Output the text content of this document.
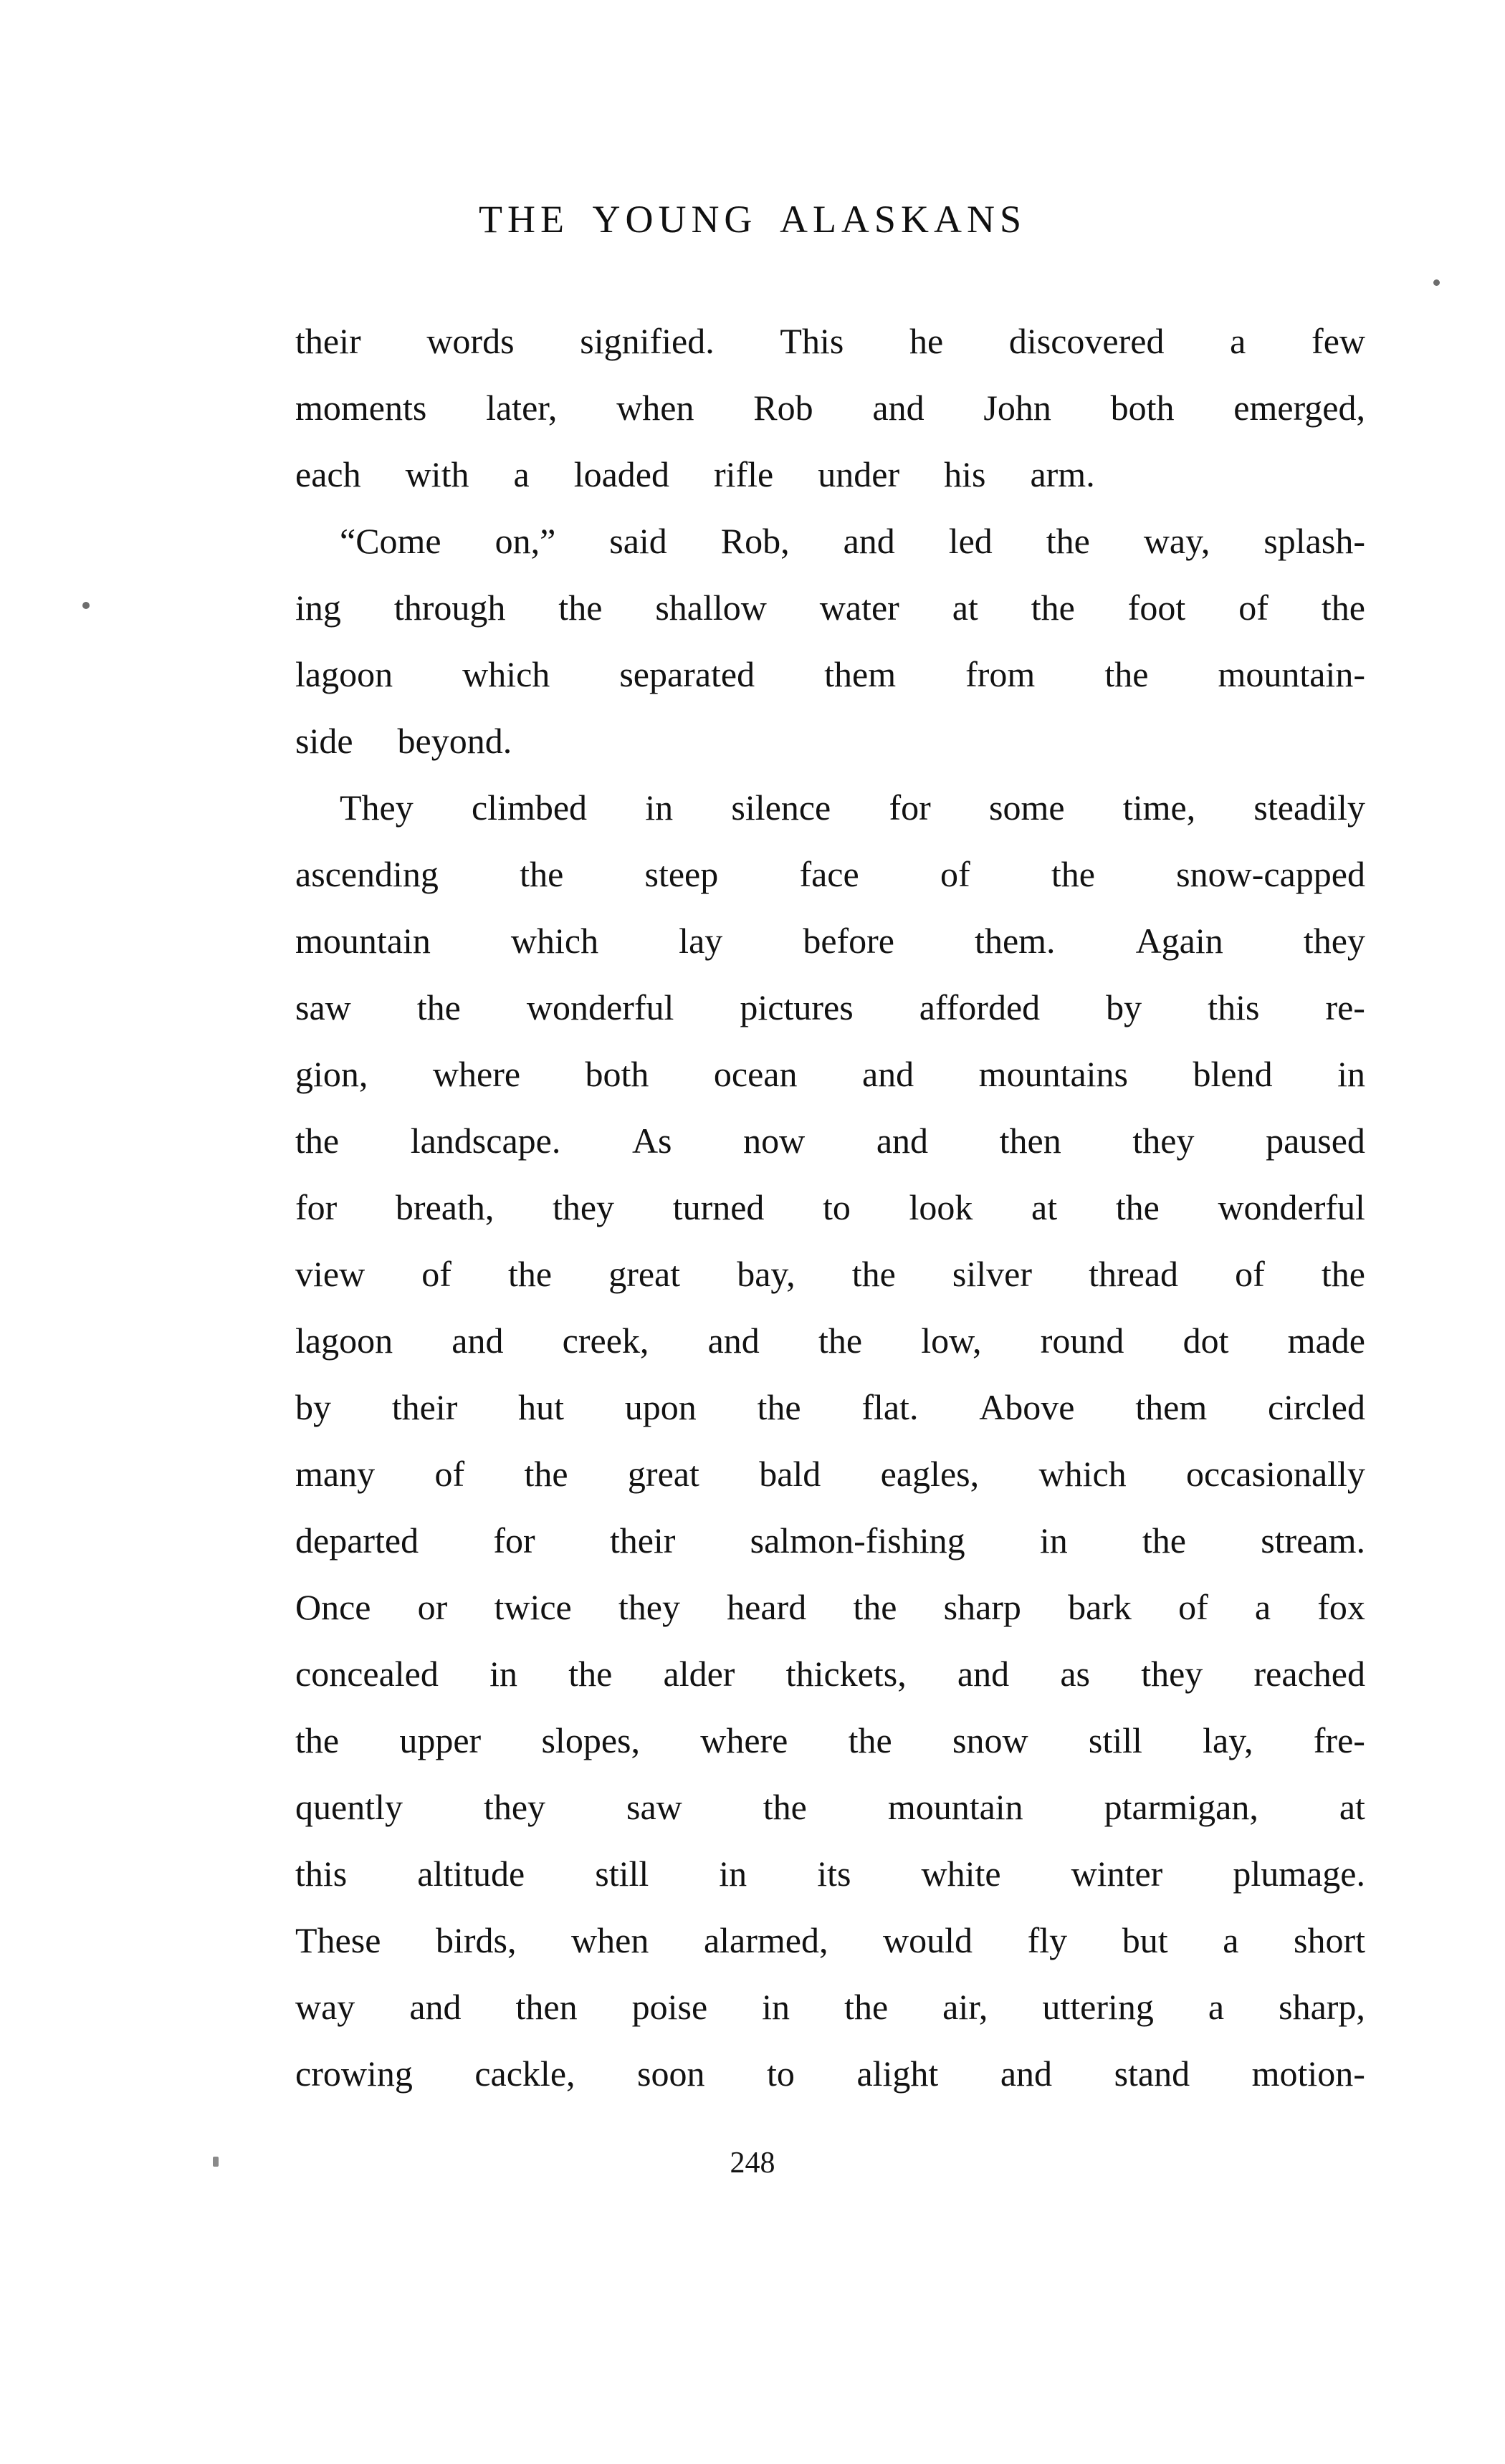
THE YOUNG ALASKANS
their	words	signified.	This	he	discovered	a	few
moments	later,	when	Rob	and	John	both	emerged,
each	with	a	loaded	rifle	under	his	arm.
“Come	on,”	said	Rob,	and	led	the	way,	splash-
ing	through	the	shallow	water	at	the	foot	of	the
lagoon	which	separated	them	from	the	mountain-
side	beyond.
They	climbed	in	silence	for	some	time,	steadily
ascending	the	steep	face	of	the	snow-capped
mountain	which	lay	before	them.	Again	they
saw	the	wonderful	pictures	afforded	by	this	re-
gion,	where	both	ocean	and	mountains	blend	in
the	landscape.	As	now	and	then	they	paused
for	breath,	they	turned	to	look	at	the	wonderful
view	of	the	great	bay,	the	silver	thread	of	the
lagoon	and	creek,	and	the	low,	round	dot	made
by	their	hut	upon	the	flat.	Above	them	circled
many	of	the	great	bald	eagles,	which	occasionally
departed	for	their	salmon-fishing	in	the	stream.
Once	or	twice	they	heard	the	sharp	bark	of	a	fox
concealed	in	the	alder	thickets,	and	as	they	reached
the	upper	slopes,	where	the	snow	still	lay,	fre-
quently	they	saw	the	mountain	ptarmigan,	at
this	altitude	still	in	its	white	winter	plumage.
These	birds,	when	alarmed,	would	fly	but	a	short
way	and	then	poise	in	the	air,	uttering	a	sharp,
crowing	cackle,	soon	to	alight	and	stand	motion-
248
